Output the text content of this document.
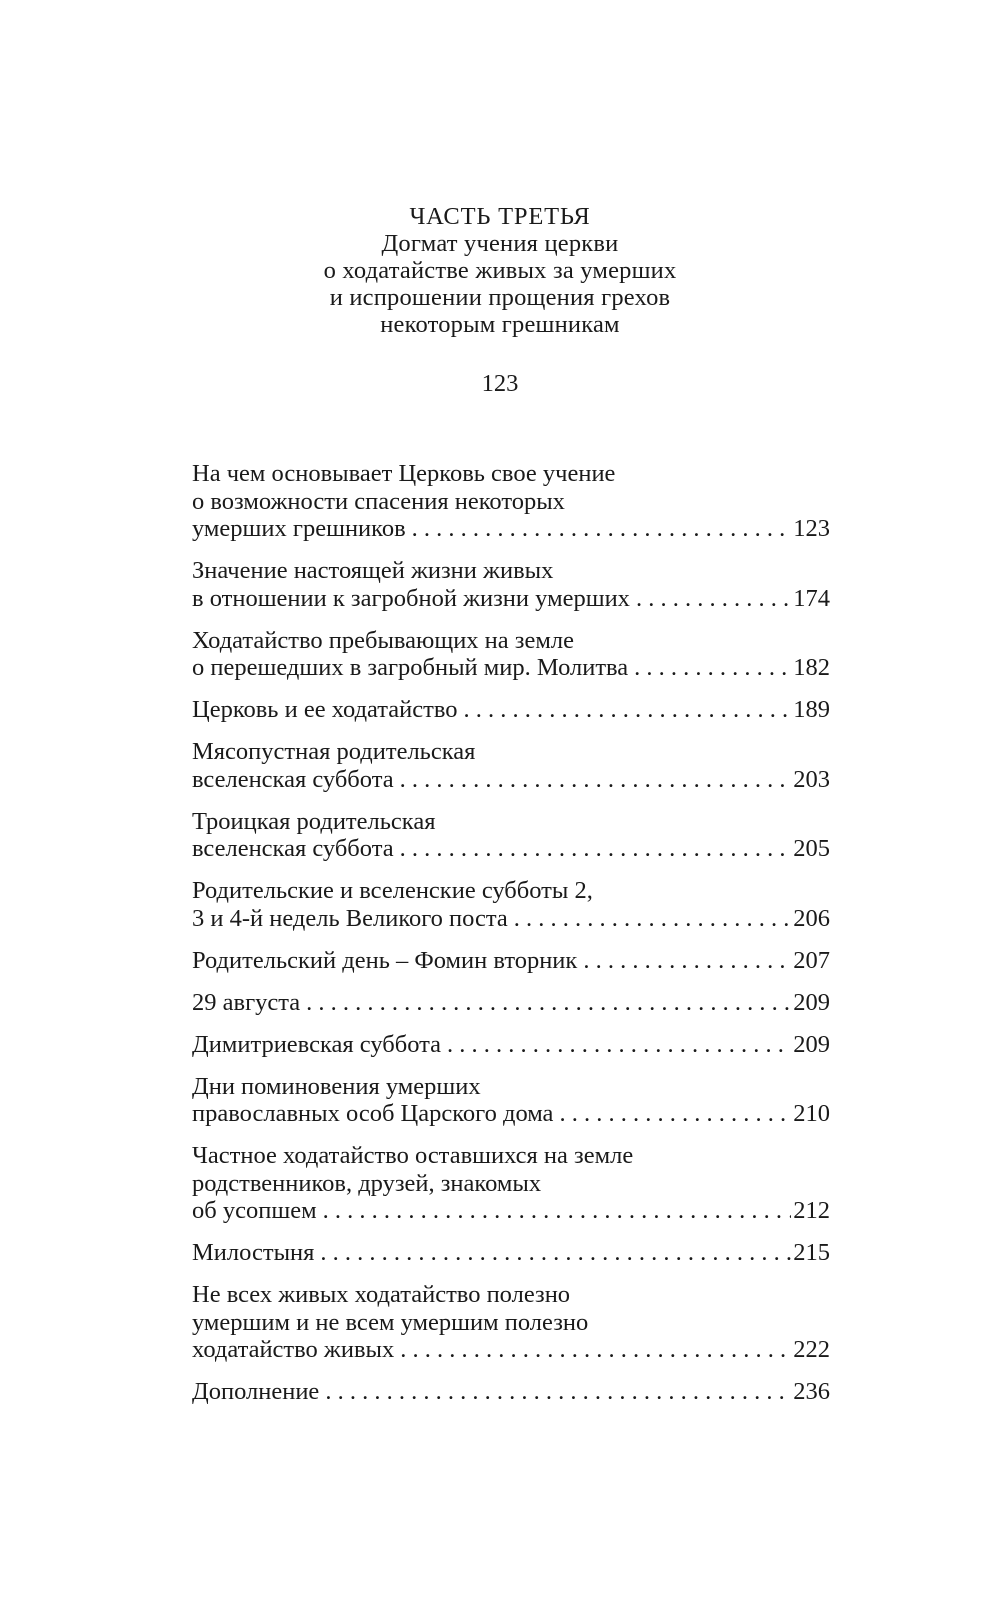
ЧАСТЬ ТРЕТЬЯ
Догмат учения церкви
о ходатайстве живых за умерших
и испрошении прощения грехов
некоторым грешникам
123
На чем основывает Церковь свое учение
о возможности спасения некоторых
умерших грешников . . .	123
Значение настоящей жизни живых
в отношении к загробной жизни умерших . . .	174
Ходатайство пребывающих на земле
о перешедших в загробный мир. Молитва . . .	182
Церковь и ее ходатайство . . .	189
Мясопустная родительская
вселенская суббота . . .	203
Троицкая родительская
вселенская суббота . . .	205
Родительские и вселенские субботы 2,
3 и 4-й недель Великого поста . . .	206
Родительский день – Фомин вторник . . .	207
29 августа . . .	209
Димитриевская суббота . . .	209
Дни поминовения умерших
православных особ Царского дома . . .	210
Частное ходатайство оставшихся на земле
родственников, друзей, знакомых
об усопшем . . .	212
Милостыня . . .	215
Не всех живых ходатайство полезно
умершим и не всем умершим полезно
ходатайство живых . . .	222
Дополнение . . .	236
